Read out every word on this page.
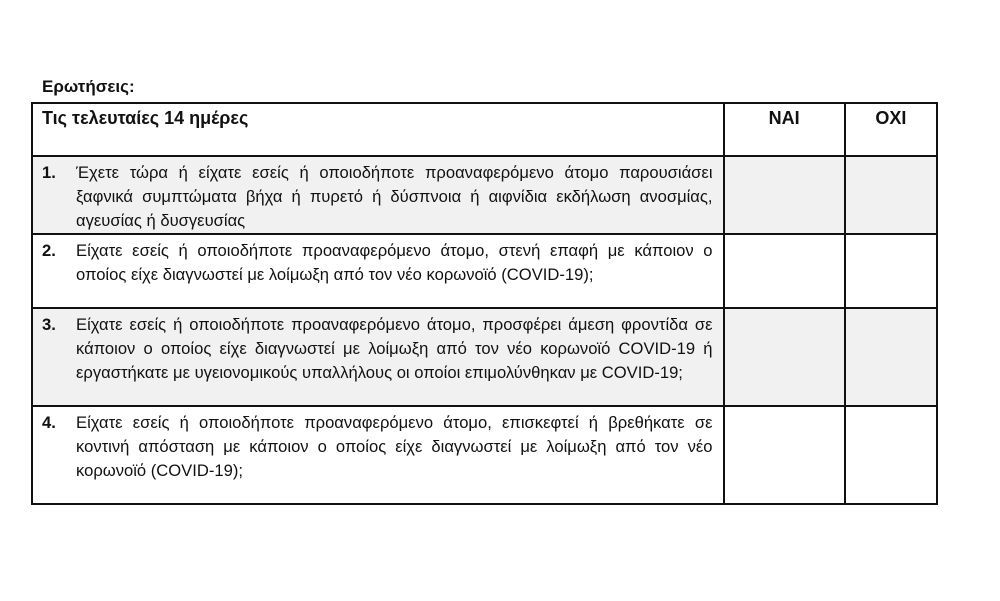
Ερωτήσεις:
Τις τελευταίες 14 ημέρες	ΝΑΙ	ΟΧΙ

1. Έχετε τώρα ή είχατε εσείς ή οποιοδήποτε προαναφερόμενο άτομο παρουσιάσει ξαφνικά συμπτώματα βήχα ή πυρετό ή δύσπνοια ή αιφνίδια εκδήλωση ανοσμίας, αγευσίας ή δυσγευσίας		

2. Είχατε εσείς ή οποιοδήποτε προαναφερόμενο άτομο, στενή επαφή με κάποιον ο οποίος είχε διαγνωστεί με λοίμωξη από τον νέο κορωνοϊό (COVID-19);		

3. Είχατε εσείς ή οποιοδήποτε προαναφερόμενο άτομο, προσφέρει άμεση φροντίδα σε κάποιον ο οποίος είχε διαγνωστεί με λοίμωξη από τον νέο κορωνοϊό COVID-19 ή εργαστήκατε με υγειονομικούς υπαλλήλους οι οποίοι επιμολύνθηκαν με COVID-19;		

4. Είχατε εσείς ή οποιοδήποτε προαναφερόμενο άτομο, επισκεφτεί ή βρεθήκατε σε κοντινή απόσταση με κάποιον ο οποίος είχε διαγνωστεί με λοίμωξη από τον νέο κορωνοϊό (COVID-19);		
